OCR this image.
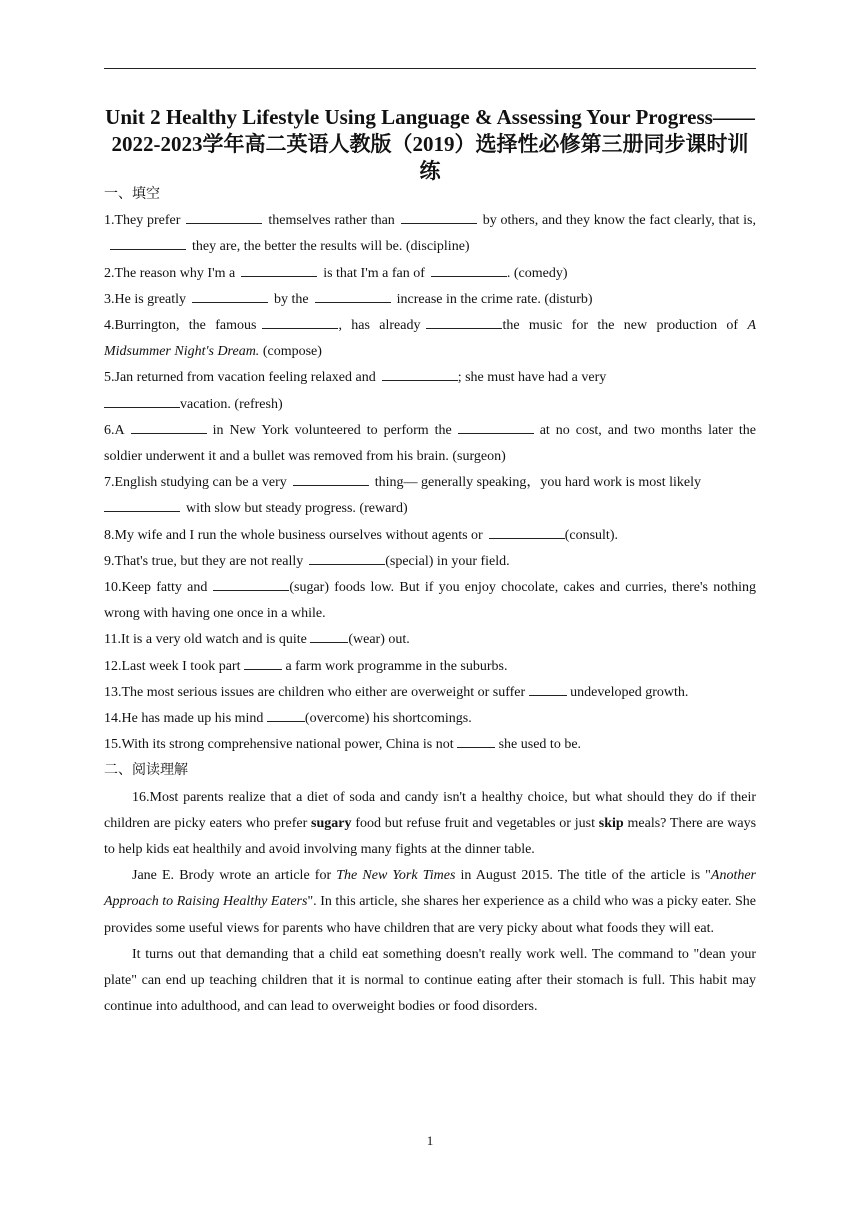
Unit 2 Healthy Lifestyle Using Language & Assessing Your Progress——2022-2023学年高二英语人教版（2019）选择性必修第三册同步课时训练

一、填空

1.They prefer	themselves rather than	by others, and they know the fact clearly, that is,they are, the better the results will be. (discipline)

2.The reason why I'm a	is that I'm a fan of	. (comedy)

3.He is greatly	by the	increase in the crime rate. (disturb)

4.Burrington, the famous	, has already	the music for the new production of A Midsummer Night's Dream. (compose)

5.Jan returned from vacation feeling relaxed and	; she must have had a very
vacation. (refresh)

6.A	in New York volunteered to perform the	at no cost, and two months later the soldier underwent it and a bullet was removed from his brain. (surgeon)

7.English studying can be a very	thing— generally speaking，you hard work is most likely
with slow but steady progress. (reward)

8.My wife and I run the whole business ourselves without agents or	(consult).

9.That's true, but they are not really	(special) in your field.

10.Keep fatty and	(sugar) foods low. But if you enjoy chocolate, cakes and curries, there's nothing wrong with having one once in a while.

11.It is a very old watch and is quite	(wear) out.

12.Last week I took part	a farm work programme in the suburbs.

13.The most serious issues are children who either are overweight or suffer	undeveloped growth.

14.He has made up his mind	(overcome) his shortcomings.

15.With its strong comprehensive national power, China is not	she used to be.

二、阅读理解

16.Most parents realize that a diet of soda and candy isn't a healthy choice, but what should they do if their children are picky eaters who prefer sugary food but refuse fruit and vegetables or just skip meals? There are ways to help kids eat healthily and avoid involving many fights at the dinner table.

Jane E. Brody wrote an article for The New York Times in August 2015. The title of the article is "Another Approach to Raising Healthy Eaters". In this article, she shares her experience as a child who was a picky eater. She provides some useful views for parents who have children that are very picky about what foods they will eat.

It turns out that demanding that a child eat something doesn't really work well. The command to "dean your plate" can end up teaching children that it is normal to continue eating after their stomach is full. This habit may continue into adulthood, and can lead to overweight bodies or food disorders.

1
